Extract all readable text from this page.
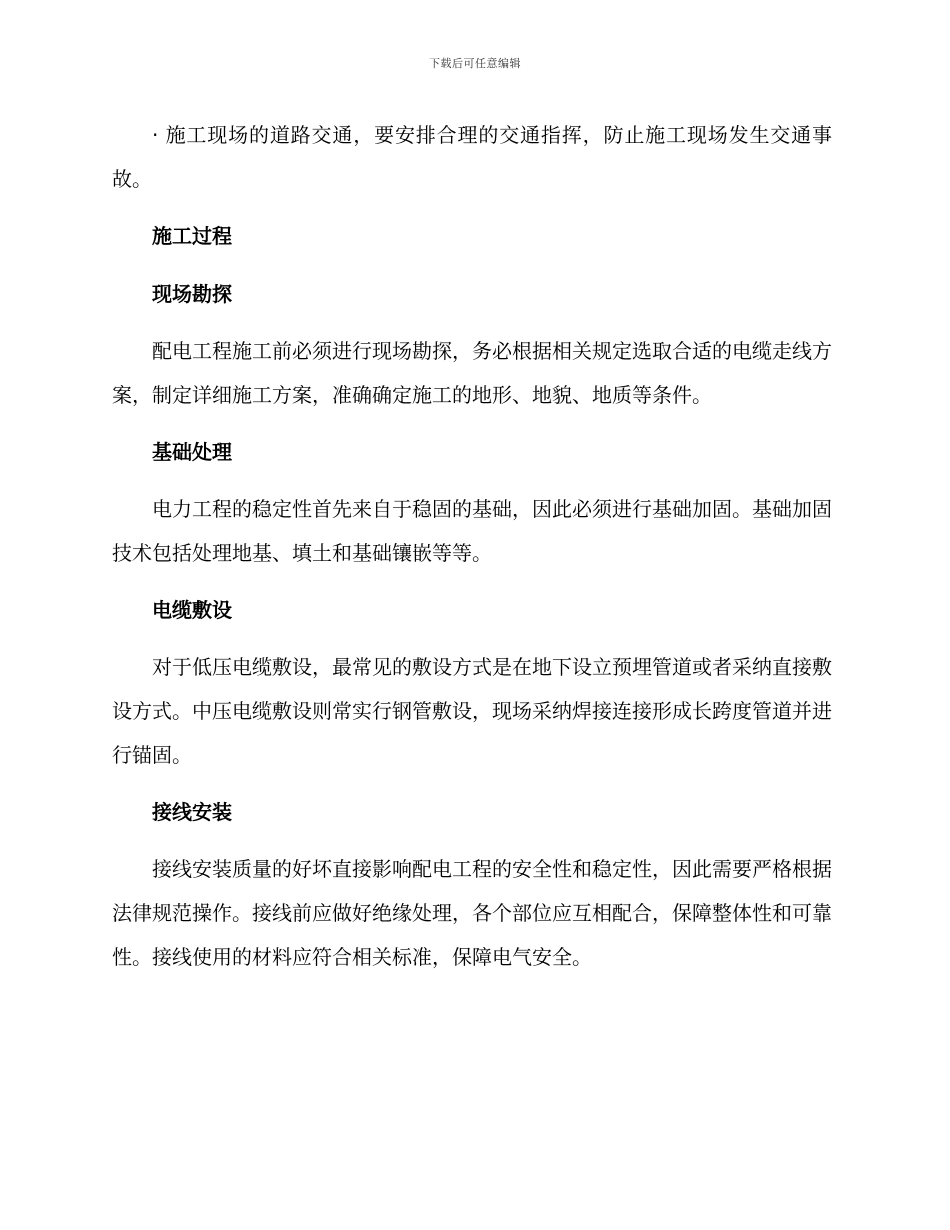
下载后可任意编辑

· 施工现场的道路交通，要安排合理的交通指挥，防止施工现场发生交通事故。

施工过程
现场勘探

配电工程施工前必须进行现场勘探，务必根据相关规定选取合适的电缆走线方案，制定详细施工方案，准确确定施工的地形、地貌、地质等条件。

基础处理

电力工程的稳定性首先来自于稳固的基础，因此必须进行基础加固。基础加固技术包括处理地基、填土和基础镶嵌等等。

电缆敷设

对于低压电缆敷设，最常见的敷设方式是在地下设立预埋管道或者采纳直接敷设方式。中压电缆敷设则常实行钢管敷设，现场采纳焊接连接形成长跨度管道并进行锚固。

接线安装

接线安装质量的好坏直接影响配电工程的安全性和稳定性，因此需要严格根据法律规范操作。接线前应做好绝缘处理，各个部位应互相配合，保障整体性和可靠性。接线使用的材料应符合相关标准，保障电气安全。
